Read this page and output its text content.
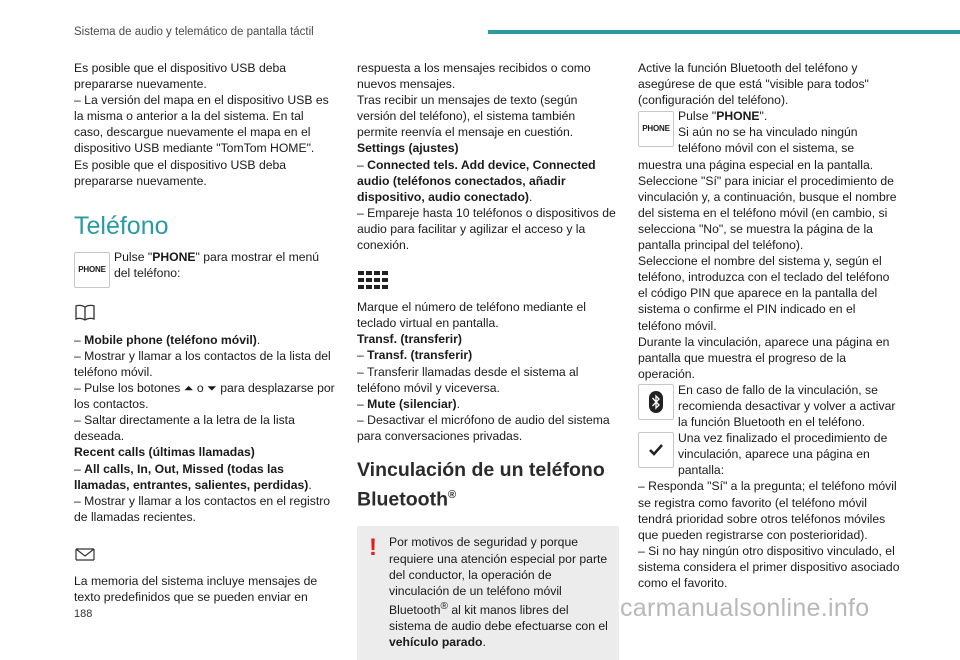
Sistema de audio y telemático de pantalla táctil

Es posible que el dispositivo USB deba prepararse nuevamente.

– La versión del mapa en el dispositivo USB es la misma o anterior a la del sistema. En tal caso, descargue nuevamente el mapa en el dispositivo USB mediante "TomTom HOME".

Es posible que el dispositivo USB deba prepararse nuevamente.

Teléfono
PHONE

Pulse "PHONE" para mostrar el menú del teléfono:

– Mobile phone (teléfono móvil).

– Mostrar y llamar a los contactos de la lista del teléfono móvil.

– Pulse los botones ⏶ o ⏷ para desplazarse por los contactos.

– Saltar directamente a la letra de la lista deseada.

Recent calls (últimas llamadas)

– All calls, In, Out, Missed (todas las llamadas, entrantes, salientes, perdidas).

– Mostrar y llamar a los contactos en el registro de llamadas recientes.

La memoria del sistema incluye mensajes de texto predefinidos que se pueden enviar en

respuesta a los mensajes recibidos o como nuevos mensajes.

Tras recibir un mensajes de texto (según versión del teléfono), el sistema también permite reenvía el mensaje en cuestión.

Settings (ajustes)

– Connected tels. Add device, Connected audio (teléfonos conectados, añadir dispositivo, audio conectado).

– Empareje hasta 10 teléfonos o dispositivos de audio para facilitar y agilizar el acceso y la conexión.

Marque el número de teléfono mediante el teclado virtual en pantalla.

Transf. (transferir)

– Transf. (transferir)

– Transferir llamadas desde el sistema al teléfono móvil y viceversa.

– Mute (silenciar).

– Desactivar el micrófono de audio del sistema para conversaciones privadas.

Vinculación de un teléfono Bluetooth®
! Por motivos de seguridad y porque requiere una atención especial por parte del conductor, la operación de vinculación de un teléfono móvil Bluetooth® al kit manos libres del sistema de audio debe efectuarse con el vehículo parado.

Active la función Bluetooth del teléfono y asegúrese de que está "visible para todos" (configuración del teléfono).

PHONE

Pulse "PHONE".

Si aún no se ha vinculado ningún teléfono móvil con el sistema, se muestra una página especial en la pantalla.

Seleccione "Sí" para iniciar el procedimiento de vinculación y, a continuación, busque el nombre del sistema en el teléfono móvil (en cambio, si selecciona "No", se muestra la página de la pantalla principal del teléfono).

Seleccione el nombre del sistema y, según el teléfono, introduzca con el teclado del teléfono el código PIN que aparece en la pantalla del sistema o confirme el PIN indicado en el teléfono móvil.

Durante la vinculación, aparece una página en pantalla que muestra el progreso de la operación.

En caso de fallo de la vinculación, se recomienda desactivar y volver a activar la función Bluetooth en el teléfono.

Una vez finalizado el procedimiento de vinculación, aparece una página en pantalla:

– Responda "Sí" a la pregunta; el teléfono móvil se registra como favorito (el teléfono móvil tendrá prioridad sobre otros teléfonos móviles que pueden registrarse con posterioridad).

– Si no hay ningún otro dispositivo vinculado, el sistema considera el primer dispositivo asociado como el favorito.

188	carmanualsonline.info
